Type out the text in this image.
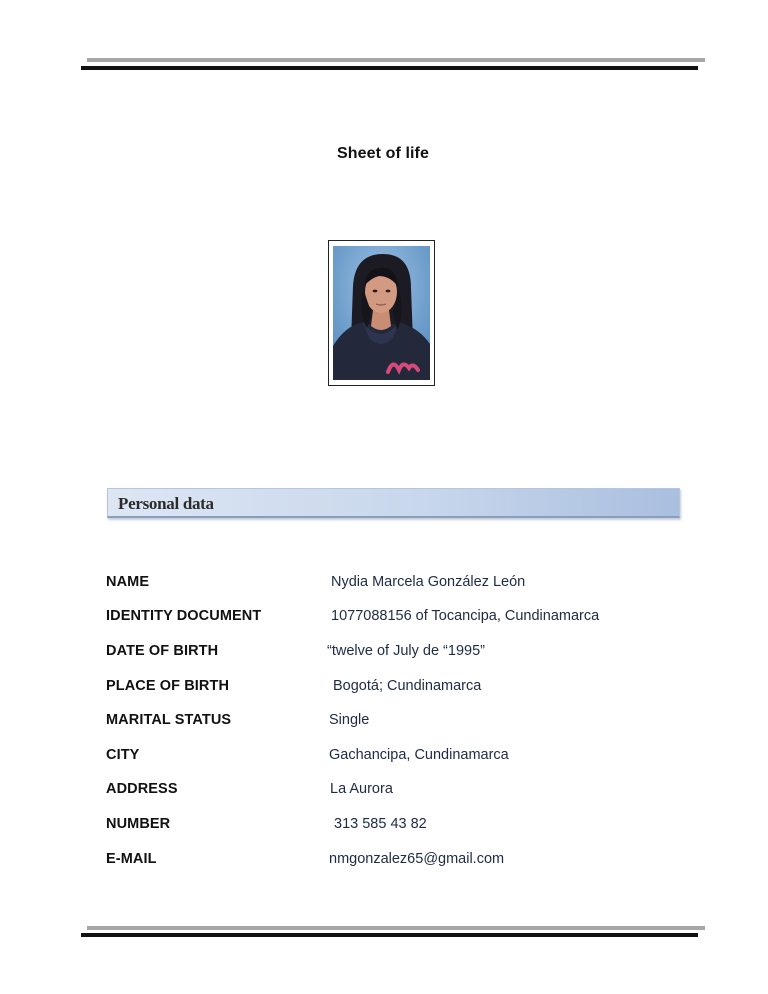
Sheet of life
Personal data
NAME	Nydia Marcela González León
IDENTITY DOCUMENT	1077088156 of Tocancipa, Cundinamarca
DATE OF BIRTH	“twelve of July de “1995”
PLACE OF BIRTH	Bogotá; Cundinamarca
MARITAL STATUS	Single
CITY	Gachancipa, Cundinamarca
ADDRESS	La Aurora
NUMBER	313 585 43 82
E-MAIL	nmgonzalez65@gmail.com
